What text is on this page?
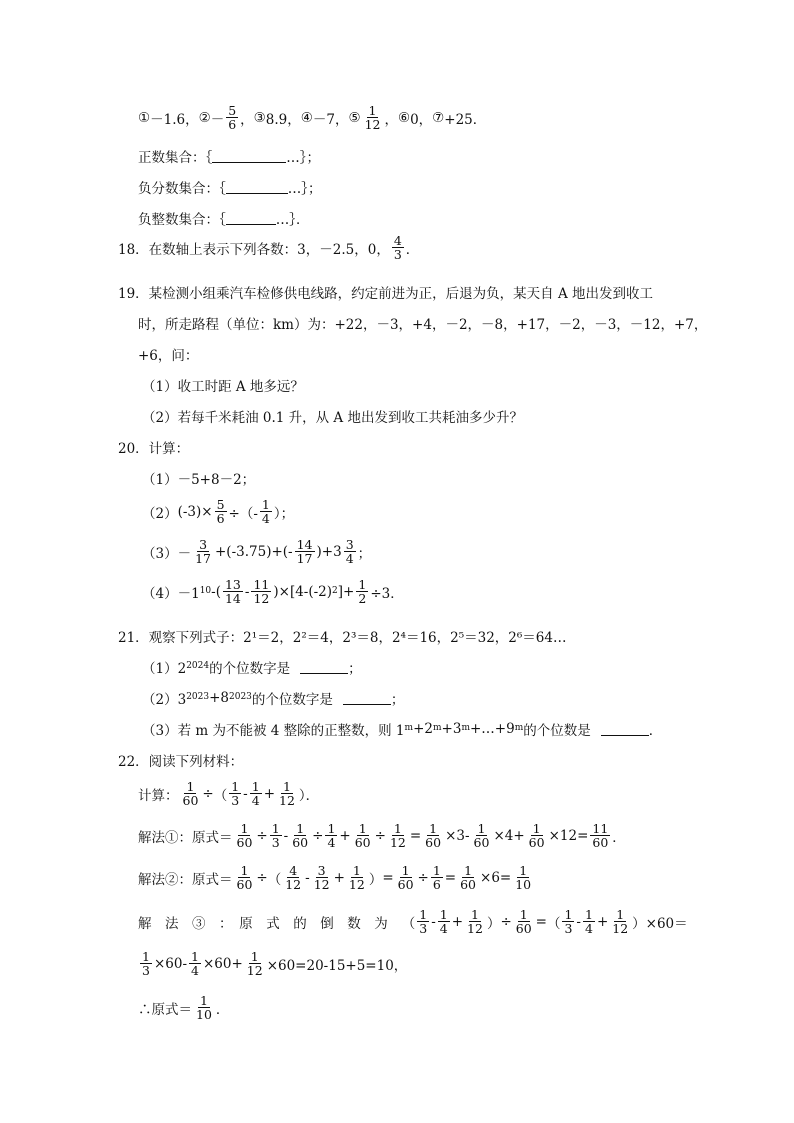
① －1.6， ② － $\frac{5}{6}$ ， ③ 8.9， ④ －7， ⑤ $\frac{1}{12}$ ， ⑥ 0， ⑦ +25．
正数集合：｛	…｝；
负分数集合：｛	…｝；
负整数集合：｛	…｝．
18．在数轴上表示下列各数：3，－2.5，0， $\frac{4}{3}$ ．
19．某检测小组乘汽车检修供电线路，约定前进为正，后退为负，某天自 A 地出发到收工
时，所走路程（单位：km）为：+22，－3，+4，－2，－8，+17，－2，－3，－12，+7，
+6，问：
（1）收工时距 A 地多远？
（2）若每千米耗油 0.1 升，从 A 地出发到收工共耗油多少升？
20．计算：
（1）－5+8－2；
（2） $(-3)\times \frac{5}{6}$ ÷（- $\frac{1}{4}$ ）；
$(3) - \frac{3}{17} +(-3.75)+(- \frac{14}{17} )+3 \frac{3}{4}$ ；
$(4) -1^{10}$ -( $\frac{13}{14} - \frac{11}{12} )\times[4-(-2)^2$ ]+ $\frac{1}{2} \div 3$．
21．观察下列式子：2¹＝2，2²＝4，2³＝8，2⁴＝16，2⁵＝32，2⁶＝64…
$(1)2^{2024}$ 的个位数字是	；
$(2)3^{2023} +8^{2023}$ 的个位数字是	；
（3）若 m 为不能被 4 整除的正整数，则 $1^m +2^m +3^m$ $+\dots+9^m$ 的个位数是	．
22．阅读下列材料：
计算： $\frac{1}{60}$ ÷ （ $\frac{1}{3} - \frac{1}{4} + \frac{1}{12}$ ）．
解法①：原式＝ $\frac{1}{60} \div \frac{1}{3} - \frac{1}{60} \div \frac{1}{4} + \frac{1}{60} \div \frac{1}{12} = \frac{1}{60} \times 3 - \frac{1}{60} \times 4 + \frac{1}{60} \times 12 = \frac{11}{60}$ ．
解法②：原式＝ $\frac{1}{60}$ ÷ （ $\frac{4}{12} - \frac{3}{12} + \frac{1}{12}$ ） = $\frac{1}{60} \div \frac{1}{6} = \frac{1}{60} \times 6 = \frac{1}{10}$
解　法　③　：　原　式　的　倒　数　为 （ $\frac{1}{3} - \frac{1}{4} + \frac{1}{12}$ ） ÷ $\frac{1}{60}$ = （ $\frac{1}{3} - \frac{1}{4} + \frac{1}{12}$ ） ×60＝
$\frac{1}{3} \times 60 - \frac{1}{4} \times 60 + \frac{1}{12} \times 60=20-15+5=10$，
∴原式＝ $\frac{1}{10}$ ．
